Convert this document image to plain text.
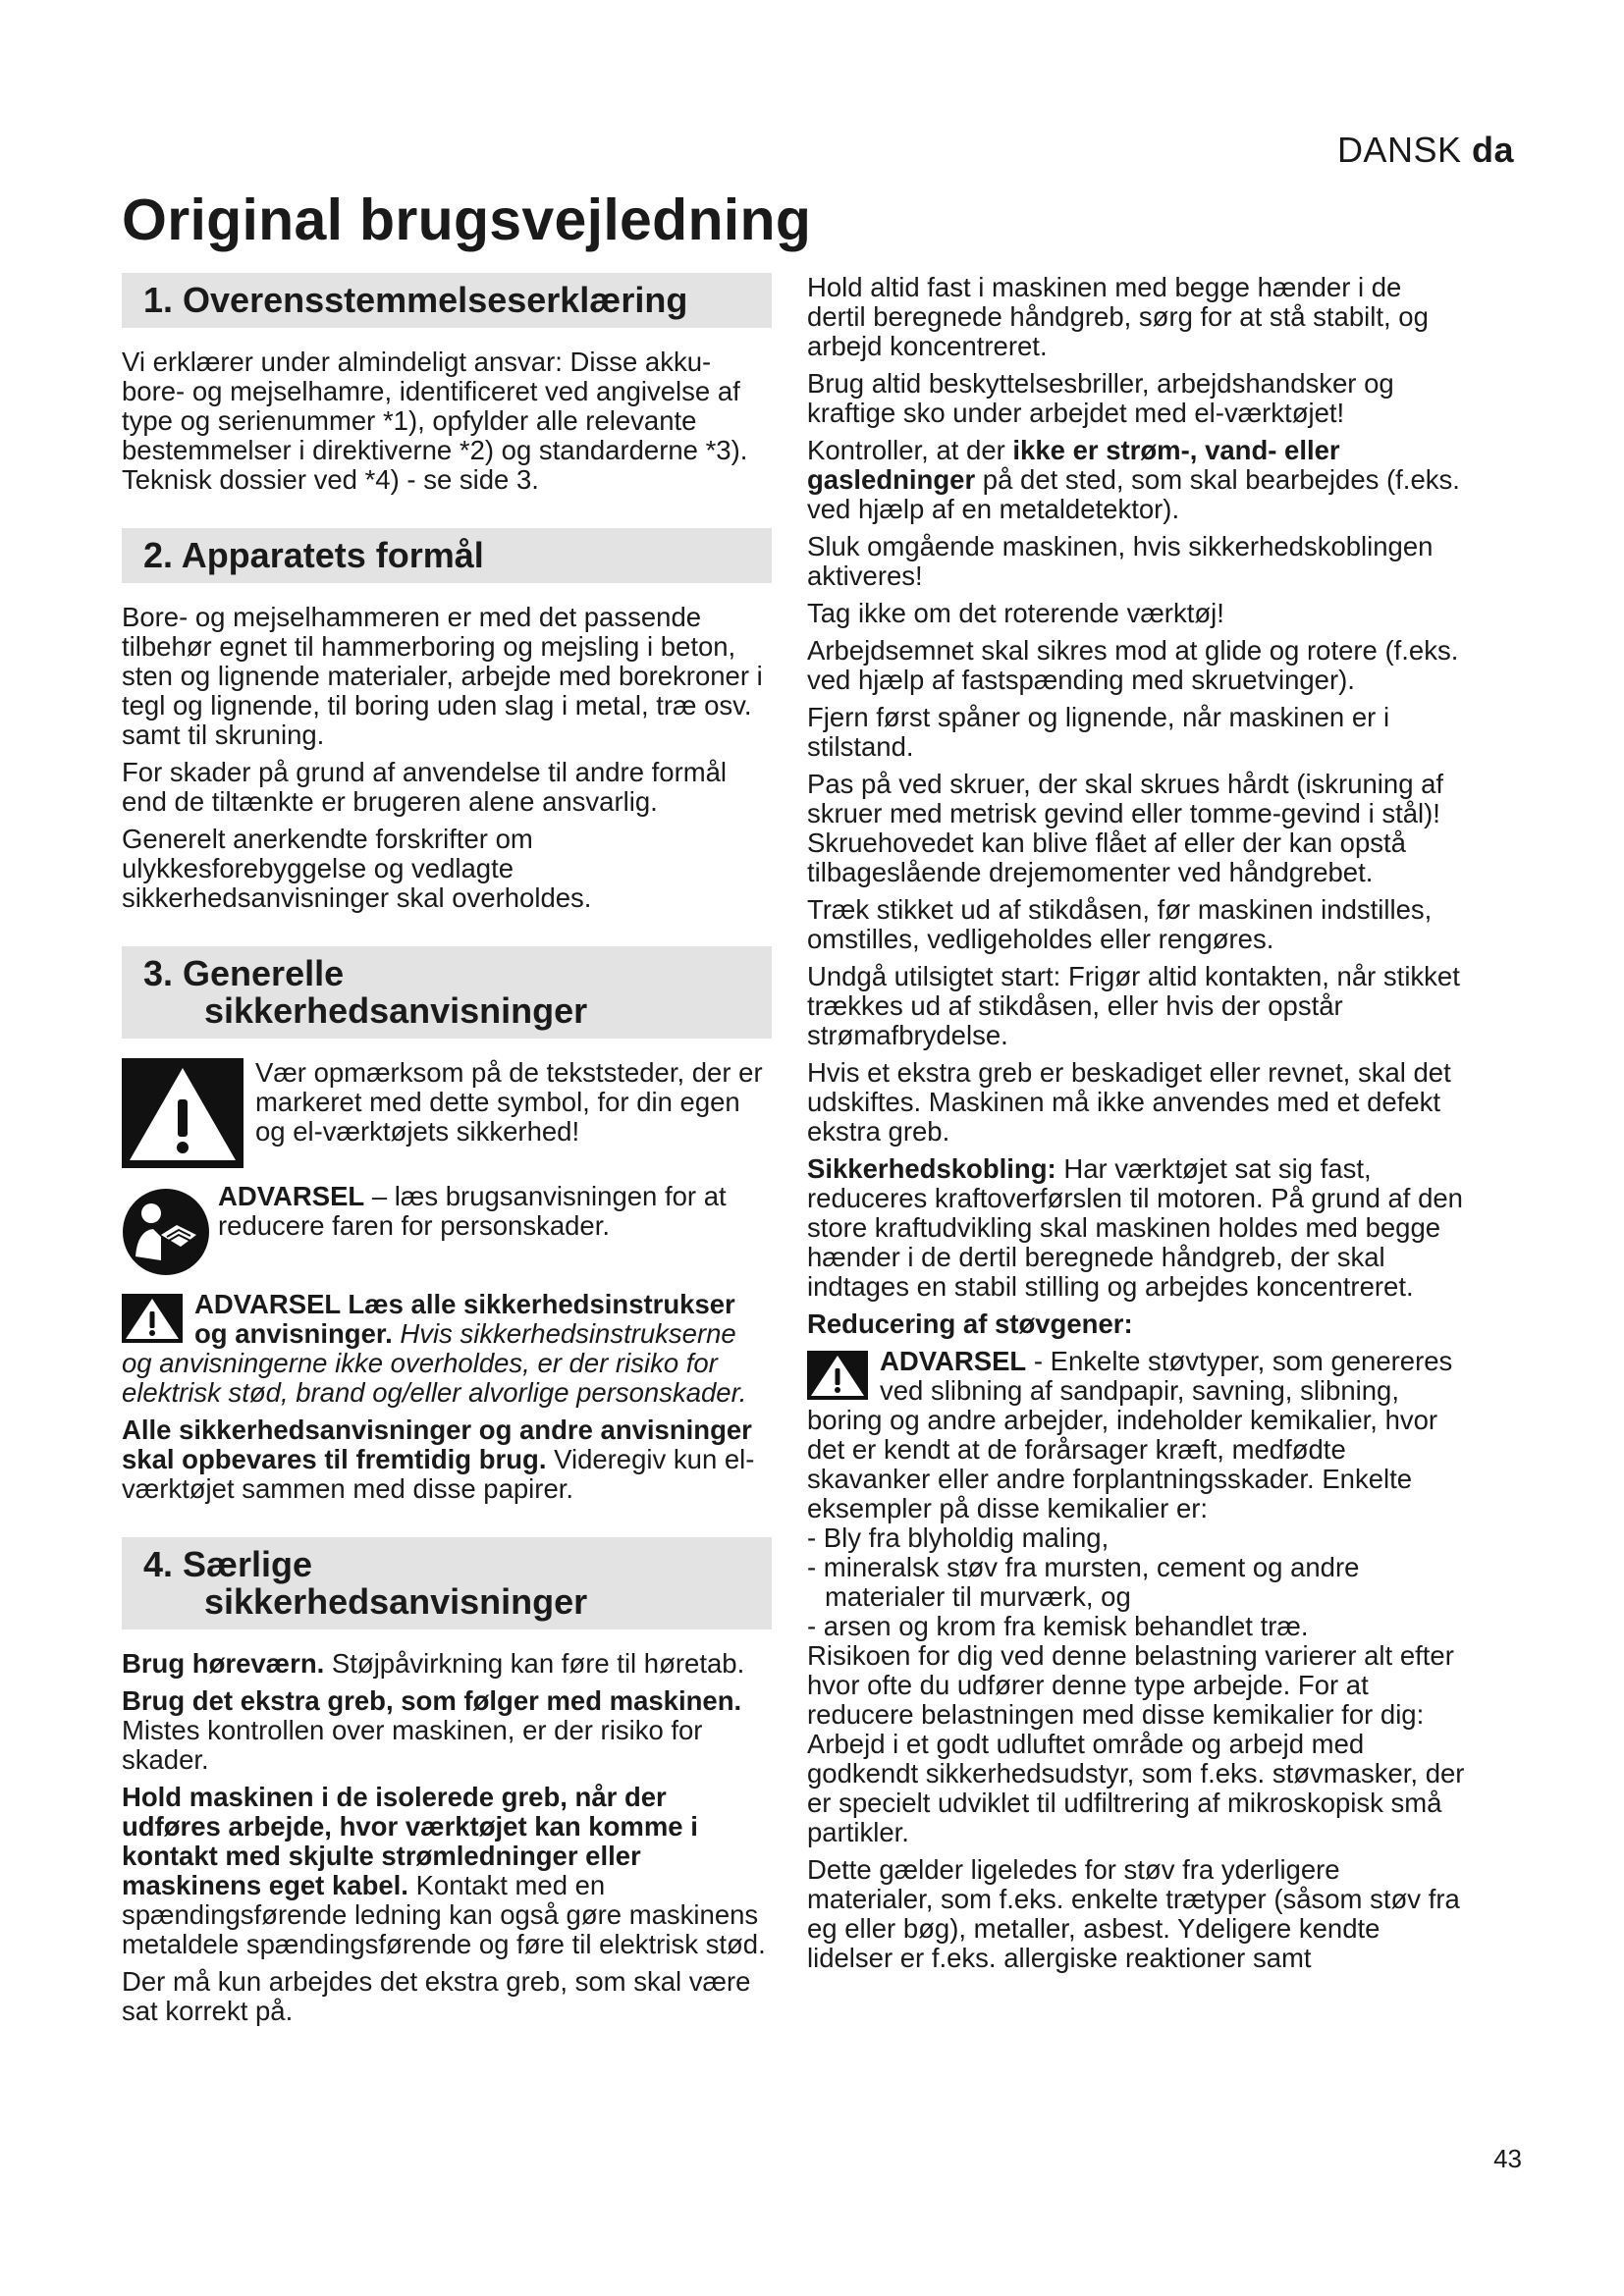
DANSK da
Original brugsvejledning
1. Overensstemmelseserklæring

Vi erklærer under almindeligt ansvar: Disse akku-bore- og mejselhamre, identificeret ved angivelse af type og serienummer *1), opfylder alle relevante bestemmelser i direktiverne *2) og standarderne *3). Teknisk dossier ved *4) - se side 3.

2. Apparatets formål

Bore- og mejselhammeren er med det passende tilbehør egnet til hammerboring og mejsling i beton, sten og lignende materialer, arbejde med borekroner i tegl og lignende, til boring uden slag i metal, træ osv. samt til skruning.

For skader på grund af anvendelse til andre formål end de tiltænkte er brugeren alene ansvarlig.

Generelt anerkendte forskrifter om ulykkesforebyggelse og vedlagte sikkerhedsanvisninger skal overholdes.

3. Generelle
sikkerhedsanvisninger
Vær opmærksom på de tekststeder, der er markeret med dette symbol, for din egen og el-værktøjets sikkerhed!
ADVARSEL – læs brugsanvisningen for at reducere faren for personskader.

ADVARSEL Læs alle sikkerhedsinstrukser og anvisninger. Hvis sikkerhedsinstrukserne og anvisningerne ikke overholdes, er der risiko for elektrisk stød, brand og/eller alvorlige personskader.

Alle sikkerhedsanvisninger og andre anvisninger skal opbevares til fremtidig brug. Videregiv kun el-værktøjet sammen med disse papirer.

4. Særlige
sikkerhedsanvisninger

Brug høreværn. Støjpåvirkning kan føre til høretab.

Brug det ekstra greb, som følger med maskinen. Mistes kontrollen over maskinen, er der risiko for skader.

Hold maskinen i de isolerede greb, når der udføres arbejde, hvor værktøjet kan komme i kontakt med skjulte strømledninger eller maskinens eget kabel. Kontakt med en spændingsførende ledning kan også gøre maskinens metaldele spændingsførende og føre til elektrisk stød.

Der må kun arbejdes det ekstra greb, som skal være sat korrekt på.

Hold altid fast i maskinen med begge hænder i de dertil beregnede håndgreb, sørg for at stå stabilt, og arbejd koncentreret.

Brug altid beskyttelsesbriller, arbejdshandsker og kraftige sko under arbejdet med el-værktøjet!

Kontroller, at der ikke er strøm-, vand- eller gasledninger på det sted, som skal bearbejdes (f.eks. ved hjælp af en metaldetektor).

Sluk omgående maskinen, hvis sikkerhedskoblingen aktiveres!

Tag ikke om det roterende værktøj!

Arbejdsemnet skal sikres mod at glide og rotere (f.eks. ved hjælp af fastspænding med skruetvinger).

Fjern først spåner og lignende, når maskinen er i stilstand.

Pas på ved skruer, der skal skrues hårdt (iskruning af skruer med metrisk gevind eller tomme-gevind i stål)! Skruehovedet kan blive flået af eller der kan opstå tilbageslående drejemomenter ved håndgrebet.

Træk stikket ud af stikdåsen, før maskinen indstilles, omstilles, vedligeholdes eller rengøres.

Undgå utilsigtet start: Frigør altid kontakten, når stikket trækkes ud af stikdåsen, eller hvis der opstår strømafbrydelse.

Hvis et ekstra greb er beskadiget eller revnet, skal det udskiftes. Maskinen må ikke anvendes med et defekt ekstra greb.

Sikkerhedskobling: Har værktøjet sat sig fast, reduceres kraftoverførslen til motoren. På grund af den store kraftudvikling skal maskinen holdes med begge hænder i de dertil beregnede håndgreb, der skal indtages en stabil stilling og arbejdes koncentreret.

Reducering af støvgener:

ADVARSEL - Enkelte støvtyper, som genereres ved slibning af sandpapir, savning, slibning, boring og andre arbejder, indeholder kemikalier, hvor det er kendt at de forårsager kræft, medfødte skavanker eller andre forplantningsskader. Enkelte eksempler på disse kemikalier er:
- Bly fra blyholdig maling,
- mineralsk støv fra mursten, cement og andre materialer til murværk, og
- arsen og krom fra kemisk behandlet træ.

Risikoen for dig ved denne belastning varierer alt efter hvor ofte du udfører denne type arbejde. For at reducere belastningen med disse kemikalier for dig: Arbejd i et godt udluftet område og arbejd med godkendt sikkerhedsudstyr, som f.eks. støvmasker, der er specielt udviklet til udfiltrering af mikroskopisk små partikler.

Dette gælder ligeledes for støv fra yderligere materialer, som f.eks. enkelte trætyper (såsom støv fra eg eller bøg), metaller, asbest. Ydeligere kendte lidelser er f.eks. allergiske reaktioner samt

43
